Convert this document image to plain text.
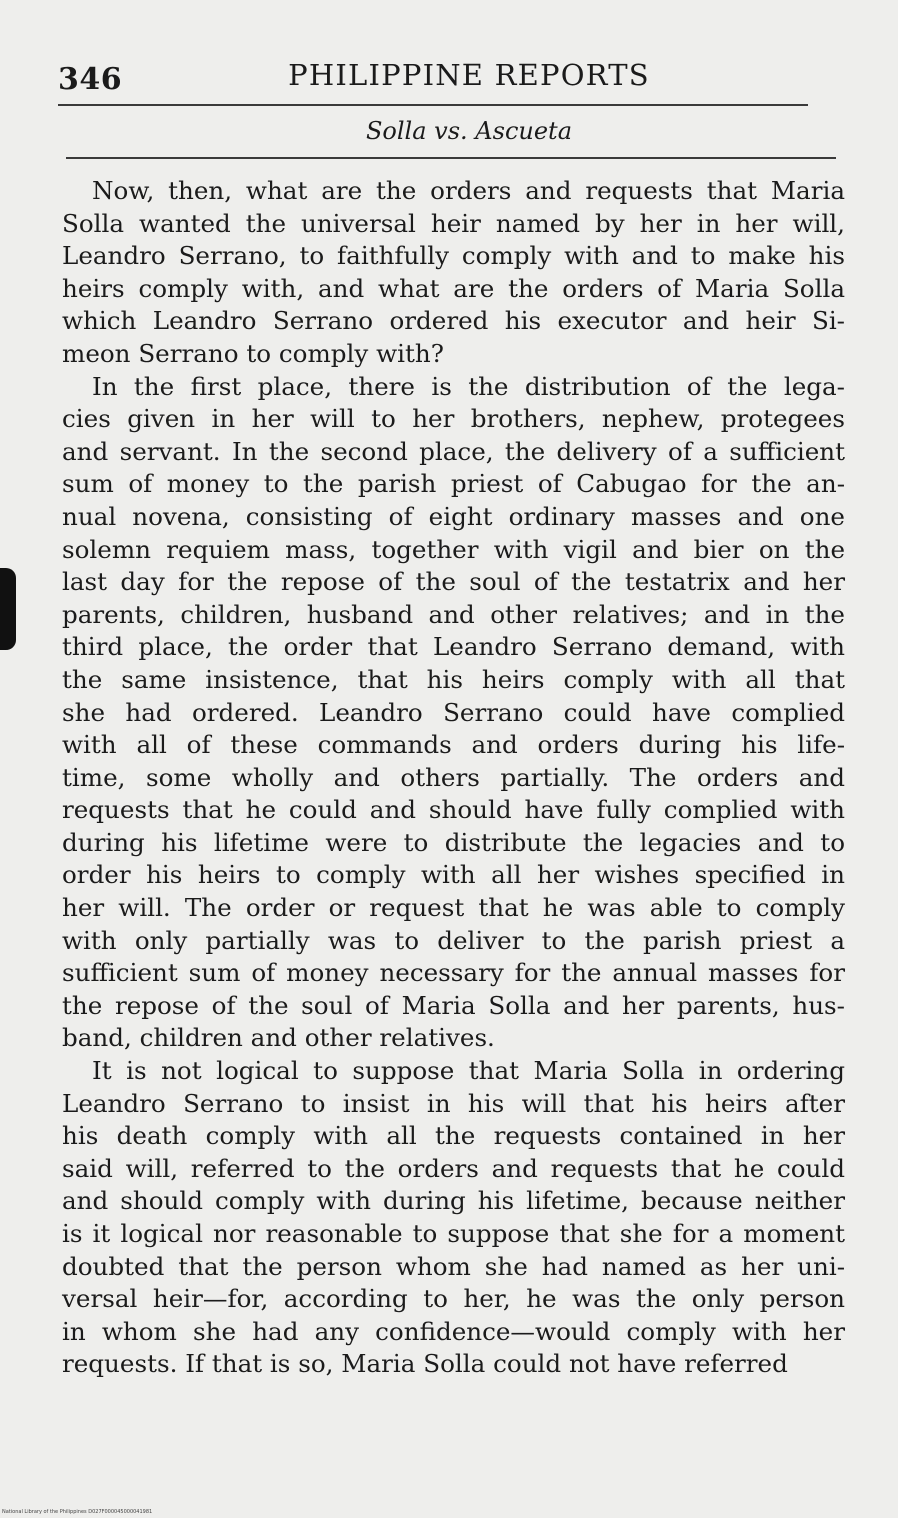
346	PHILIPPINE REPORTS
Solla vs. Ascueta

Now, then, what are the orders and requests that Maria
Solla wanted the universal heir named by her in her will,
Leandro Serrano, to faithfully comply with and to make his
heirs comply with, and what are the orders of Maria Solla
which Leandro Serrano ordered his executor and heir Si-
meon Serrano to comply with?

In the first place, there is the distribution of the lega-
cies given in her will to her brothers, nephew, protegees
and servant. In the second place, the delivery of a sufficient
sum of money to the parish priest of Cabugao for the an-
nual novena, consisting of eight ordinary masses and one
solemn requiem mass, together with vigil and bier on the
last day for the repose of the soul of the testatrix and her
parents, children, husband and other relatives; and in the
third place, the order that Leandro Serrano demand, with
the same insistence, that his heirs comply with all that
she had ordered. Leandro Serrano could have complied
with all of these commands and orders during his life-
time, some wholly and others partially. The orders and
requests that he could and should have fully complied with
during his lifetime were to distribute the legacies and to
order his heirs to comply with all her wishes specified in
her will. The order or request that he was able to comply
with only partially was to deliver to the parish priest a
sufficient sum of money necessary for the annual masses for
the repose of the soul of Maria Solla and her parents, hus-
band, children and other relatives.

It is not logical to suppose that Maria Solla in ordering
Leandro Serrano to insist in his will that his heirs after
his death comply with all the requests contained in her
said will, referred to the orders and requests that he could
and should comply with during his lifetime, because neither
is it logical nor reasonable to suppose that she for a moment
doubted that the person whom she had named as her uni-
versal heir—for, according to her, he was the only person
in whom she had any confidence—would comply with her
requests. If that is so, Maria Solla could not have referred

National Library of the Philippines D027F000045000041981
